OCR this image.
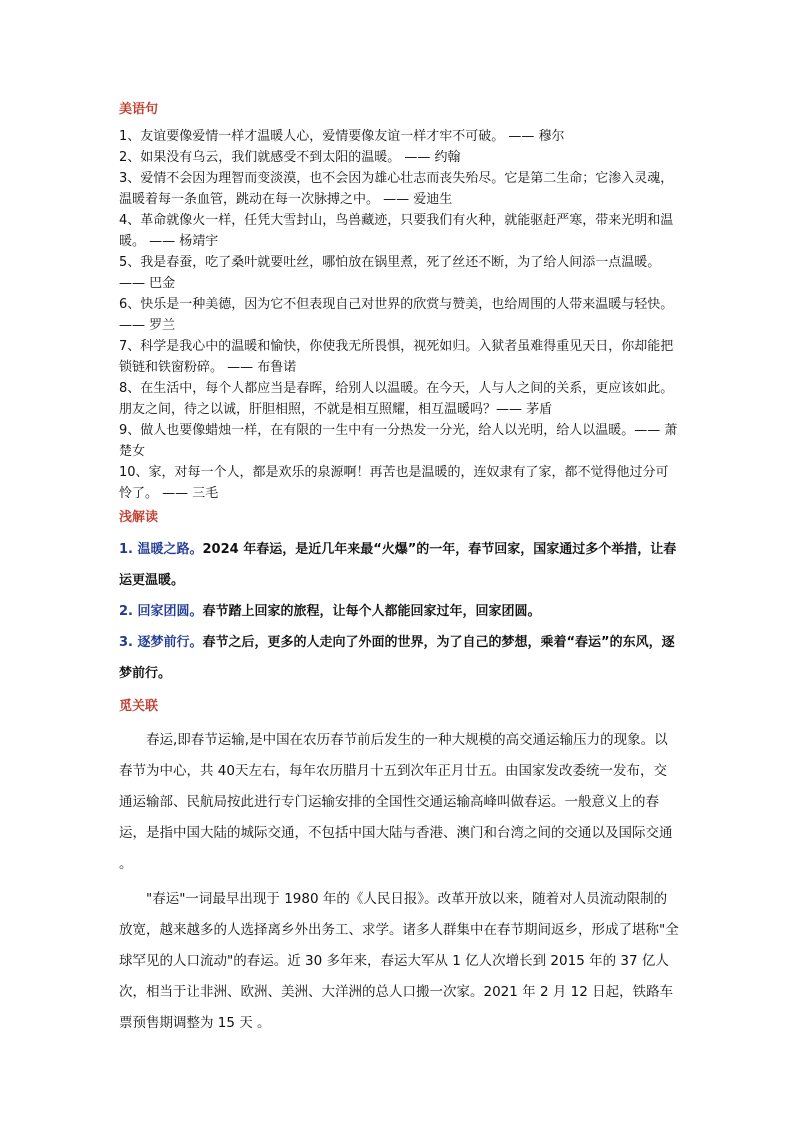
美语句

1、友谊要像爱情一样才温暖人心，爱情要像友谊一样才牢不可破。 —— 穆尔

2、如果没有乌云，我们就感受不到太阳的温暖。 —— 约翰

3、爱情不会因为理智而变淡漠，也不会因为雄心壮志而丧失殆尽。它是第二生命；它渗入灵魂，温暖着每一条血管，跳动在每一次脉搏之中。 —— 爱迪生

4、革命就像火一样，任凭大雪封山，鸟兽藏迹，只要我们有火种，就能驱赶严寒，带来光明和温暖。 —— 杨靖宇

5、我是春蚕，吃了桑叶就要吐丝，哪怕放在锅里煮，死了丝还不断，为了给人间添一点温暖。 —— 巴金

6、快乐是一种美德，因为它不但表现自己对世界的欣赏与赞美，也给周围的人带来温暖与轻快。 —— 罗兰

7、科学是我心中的温暖和愉快，你使我无所畏惧，视死如归。入狱者虽难得重见天日，你却能把锁链和铁窗粉碎。 —— 布鲁诺

8、在生活中，每个人都应当是春晖，给别人以温暖。在今天，人与人之间的关系，更应该如此。朋友之间，待之以诚，肝胆相照，不就是相互照耀，相互温暖吗？—— 茅盾

9、做人也要像蜡烛一样，在有限的一生中有一分热发一分光，给人以光明，给人以温暖。—— 萧楚女

10、家，对每一个人，都是欢乐的泉源啊！再苦也是温暖的，连奴隶有了家，都不觉得他过分可怜了。 —— 三毛

浅解读

1. 温暖之路。2024 年春运，是近几年来最“火爆”的一年，春节回家，国家通过多个举措，让春运更温暖。

2. 回家团圆。春节踏上回家的旅程，让每个人都能回家过年，回家团圆。

3. 逐梦前行。春节之后，更多的人走向了外面的世界，为了自己的梦想，乘着“春运”的东风，逐梦前行。

觅关联

春运,即春节运输,是中国在农历春节前后发生的一种大规模的高交通运输压力的现象。以春节为中心，共 40天左右，每年农历腊月十五到次年正月廿五。由国家发改委统一发布，交通运输部、民航局按此进行专门运输安排的全国性交通运输高峰叫做春运。一般意义上的春运，是指中国大陆的城际交通，不包括中国大陆与香港、澳门和台湾之间的交通以及国际交通 。

"春运"一词最早出现于 1980 年的《人民日报》。改革开放以来，随着对人员流动限制的放宽，越来越多的人选择离乡外出务工、求学。诸多人群集中在春节期间返乡，形成了堪称"全球罕见的人口流动"的春运。近 30 多年来，春运大军从 1 亿人次增长到 2015 年的 37 亿人次，相当于让非洲、欧洲、美洲、大洋洲的总人口搬一次家。2021 年 2 月 12 日起，铁路车票预售期调整为 15 天 。
